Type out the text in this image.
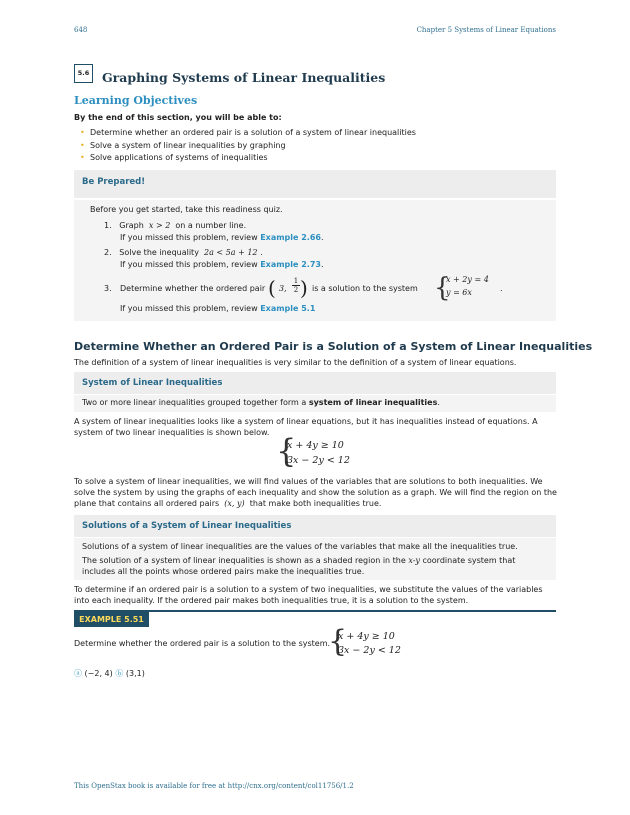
648	Chapter 5 Systems of Linear Equations
5.6	Graphing Systems of Linear Inequalities
Learning Objectives
By the end of this section, you will be able to:
• Determine whether an ordered pair is a solution of a system of linear inequalities
• Solve a system of linear inequalities by graphing
• Solve applications of systems of inequalities
Be Prepared!
Before you get started, take this readiness quiz.
1. Graph x > 2 on a number line.
If you missed this problem, review Example 2.66.
2. Solve the inequality 2a < 5a + 12 .
If you missed this problem, review Example 2.73.
3. Determine whether the ordered pair ( 3,
1
2 ) is a solution to the system {
x + 2y = 4
y = 6x	.
If you missed this problem, review Example 5.1
Determine Whether an Ordered Pair is a Solution of a System of Linear Inequalities
The definition of a system of linear inequalities is very similar to the definition of a system of linear equations.
System of Linear Inequalities
Two or more linear inequalities grouped together form a system of linear inequalities.
A system of linear inequalities looks like a system of linear equations, but it has inequalities instead of equations. A system of two linear inequalities is shown below. {
x + 4y ≥ 10
3x − 2y < 12
To solve a system of linear inequalities, we will find values of the variables that are solutions to both inequalities. We solve the system by using the graphs of each inequality and show the solution as a graph. We will find the region on the plane that contains all ordered pairs (x, y) that make both inequalities true.
Solutions of a System of Linear Inequalities
Solutions of a system of linear inequalities are the values of the variables that make all the inequalities true.
The solution of a system of linear inequalities is shown as a shaded region in the x-y coordinate system that includes all the points whose ordered pairs make the inequalities true.
To determine if an ordered pair is a solution to a system of two inequalities, we substitute the values of the variables into each inequality. If the ordered pair makes both inequalities true, it is a solution to the system.
EXAMPLE 5.51
Determine whether the ordered pair is a solution to the system.
{
x + 4y ≥ 10
3x − 2y < 12
ⓐ (−2, 4) ⓑ (3,1)
This OpenStax book is available for free at http://cnx.org/content/col11756/1.2
